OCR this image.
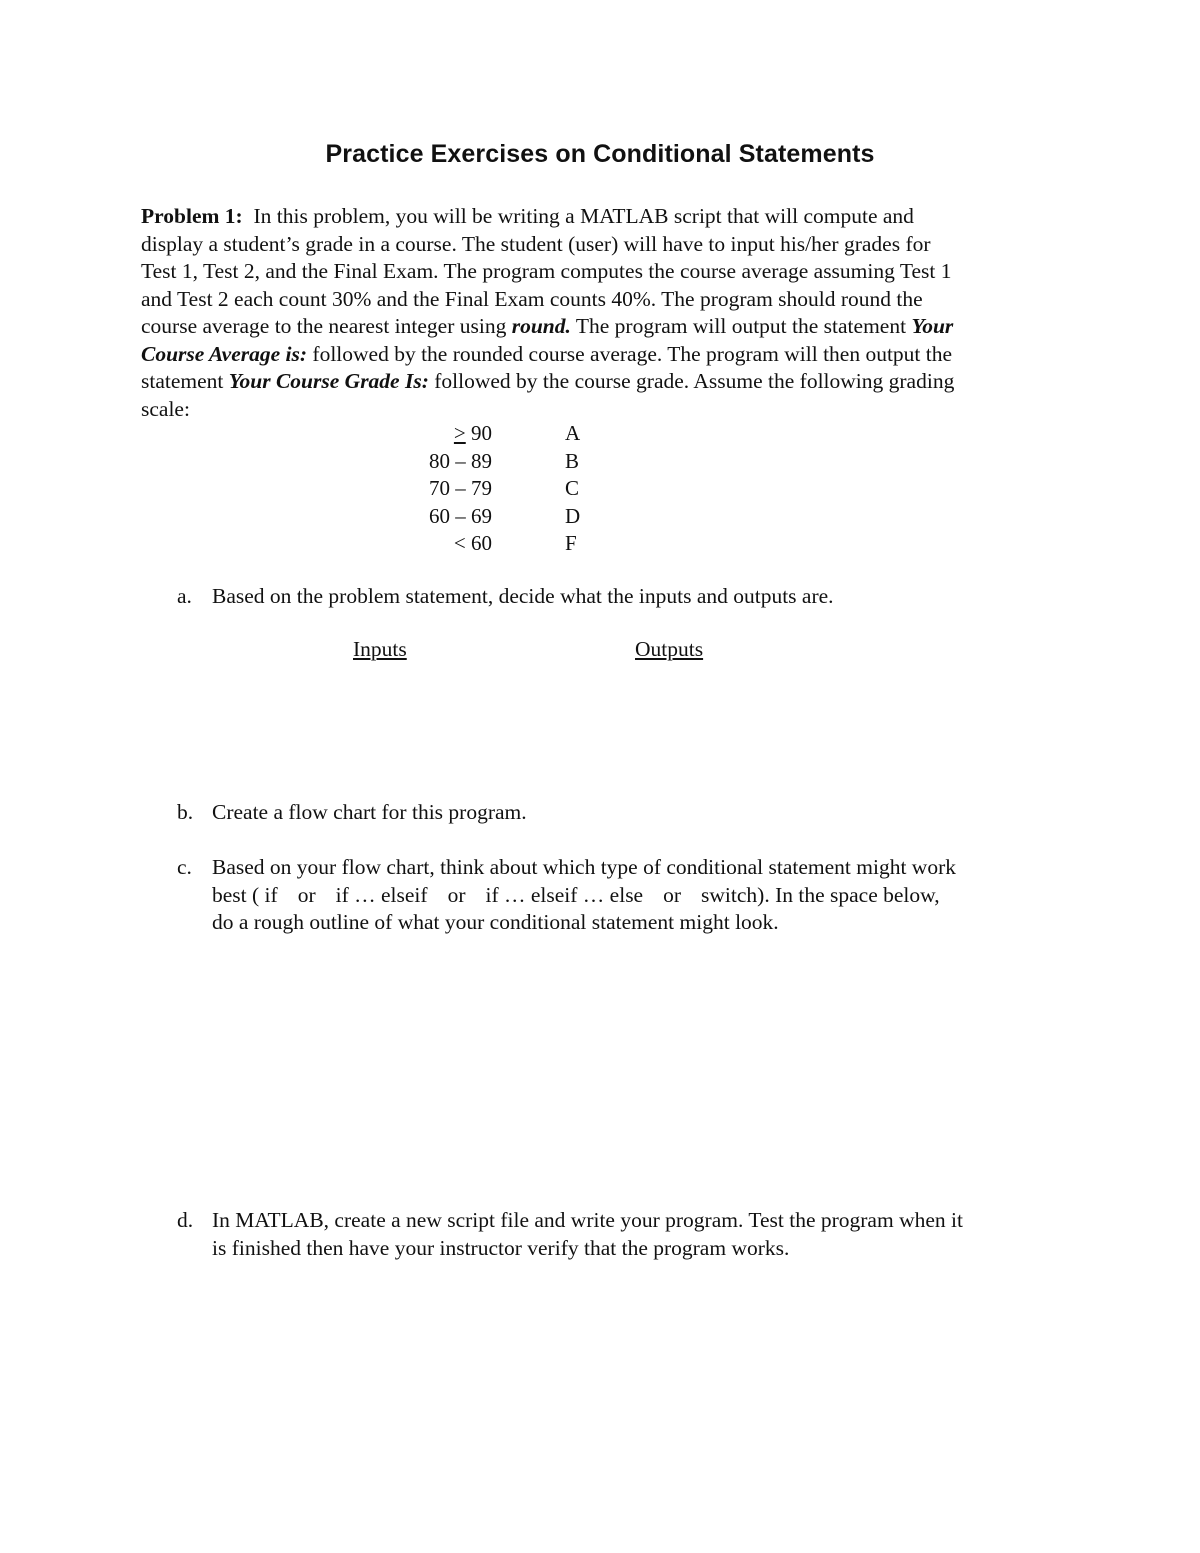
Practice Exercises on Conditional Statements
Problem 1: In this problem, you will be writing a MATLAB script that will compute and
display a student’s grade in a course. The student (user) will have to input his/her grades for
Test 1, Test 2, and the Final Exam. The program computes the course average assuming Test 1
and Test 2 each count 30% and the Final Exam counts 40%. The program should round the
course average to the nearest integer using round. The program will output the statement Your
Course Average is: followed by the rounded course average. The program will then output the
statement Your Course Grade Is: followed by the course grade. Assume the following grading
scale:
≥ 90	A
80 – 89	B
70 – 79	C
60 – 69	D
< 60	F
a. Based on the problem statement, decide what the inputs and outputs are.
Inputs	Outputs
b. Create a flow chart for this program.
c. Based on your flow chart, think about which type of conditional statement might work
best ( if or if … elseif or if … elseif … else or switch). In the space below,
do a rough outline of what your conditional statement might look.
d. In MATLAB, create a new script file and write your program. Test the program when it
is finished then have your instructor verify that the program works.
